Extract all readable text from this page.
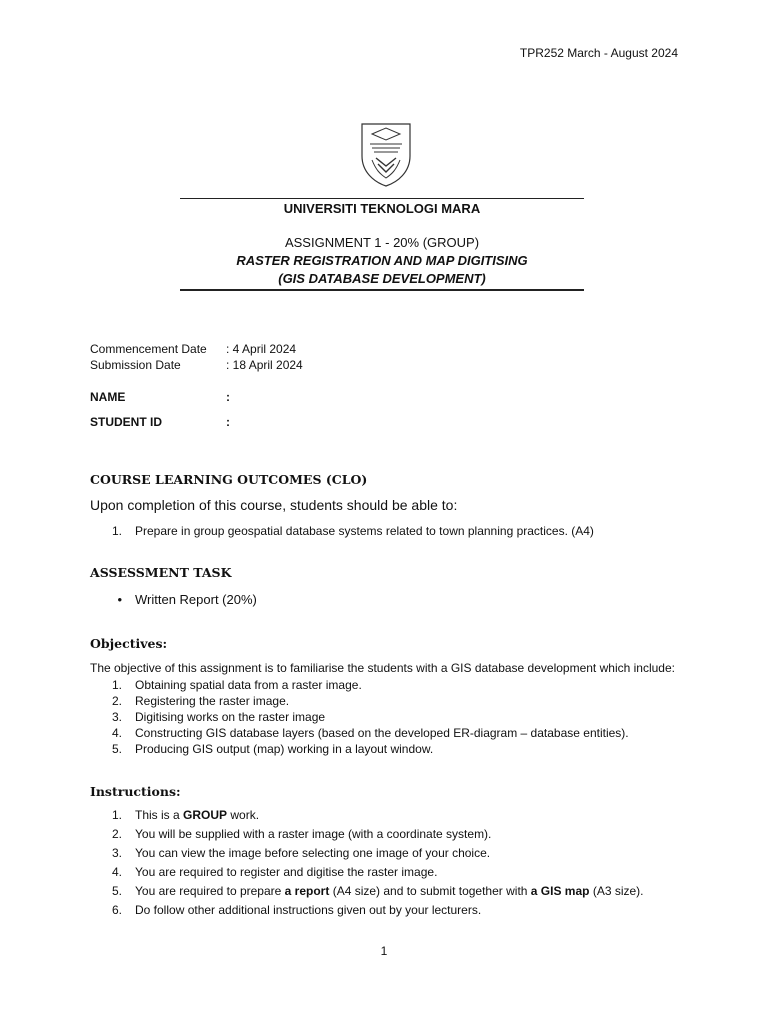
TPR252 March - August 2024
UNIVERSITI TEKNOLOGI MARA
ASSIGNMENT 1 - 20% (GROUP)
RASTER REGISTRATION AND MAP DIGITISING
(GIS DATABASE DEVELOPMENT)
Commencement Date : 4 April 2024
Submission Date	: 18 April 2024
NAME	:
STUDENT ID	:
COURSE LEARNING OUTCOMES (CLO)
Upon completion of this course, students should be able to:
1. Prepare in group geospatial database systems related to town planning practices. (A4)
ASSESSMENT TASK
• Written Report (20%)
Objectives:
The objective of this assignment is to familiarise the students with a GIS database development which include:
1. Obtaining spatial data from a raster image.
2. Registering the raster image.
3. Digitising works on the raster image
4. Constructing GIS database layers (based on the developed ER-diagram – database entities).
5. Producing GIS output (map) working in a layout window.
Instructions:
1. This is a GROUP work.
2. You will be supplied with a raster image (with a coordinate system).
3. You can view the image before selecting one image of your choice.
4. You are required to register and digitise the raster image.
5. You are required to prepare a report (A4 size) and to submit together with a GIS map (A3 size).
6. Do follow other additional instructions given out by your lecturers.
1
